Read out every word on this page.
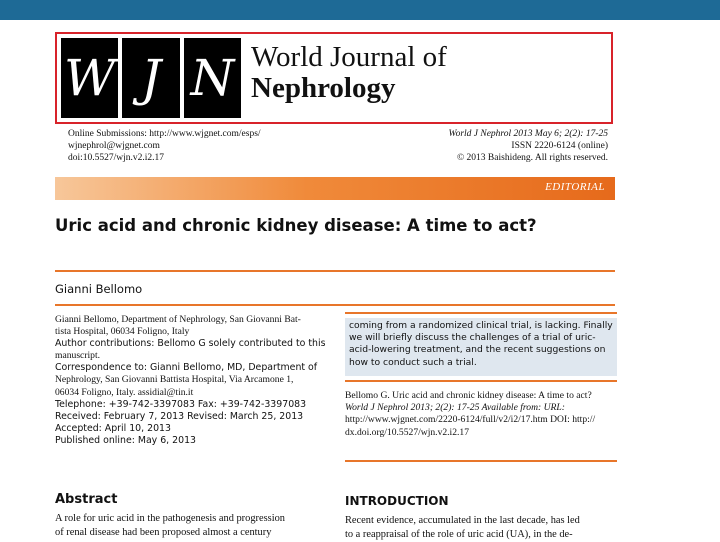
W J N World Journal of
Nephrology
Online Submissions: http://www.wjgnet.com/esps/
wjnephrol@wjgnet.com
doi:10.5527/wjn.v2.i2.17
World J Nephrol 2013 May 6; 2(2): 17-25
ISSN 2220-6124 (online)
© 2013 Baishideng. All rights reserved.
EDITORIAL
Uric acid and chronic kidney disease: A time to act?
Gianni Bellomo
Gianni Bellomo, Department of Nephrology, San Giovanni Bat-
tista Hospital, 06034 Foligno, Italy
Author contributions: Bellomo G solely contributed to this
manuscript.
Correspondence to: Gianni Bellomo, MD, Department of
Nephrology, San Giovanni Battista Hospital, Via Arcamone 1,
06034 Foligno, Italy. assidial@tin.it
Telephone: +39-742-3397083 Fax: +39-742-3397083
Received: February 7, 2013 Revised: March 25, 2013
Accepted: April 10, 2013
Published online: May 6, 2013
coming from a randomized clinical trial, is lacking. Finally
we will briefly discuss the challenges of a trial of uric-
acid-lowering treatment, and the recent suggestions on
how to conduct such a trial.
Bellomo G. Uric acid and chronic kidney disease: A time to act?
World J Nephrol 2013; 2(2): 17-25 Available from: URL:
http://www.wjgnet.com/2220-6124/full/v2/i2/17.htm DOI: http://
dx.doi.org/10.5527/wjn.v2.i2.17
Abstract
A role for uric acid in the pathogenesis and progression
of renal disease had been proposed almost a century
INTRODUCTION
Recent evidence, accumulated in the last decade, has led
to a reappraisal of the role of uric acid (UA), in the de-
